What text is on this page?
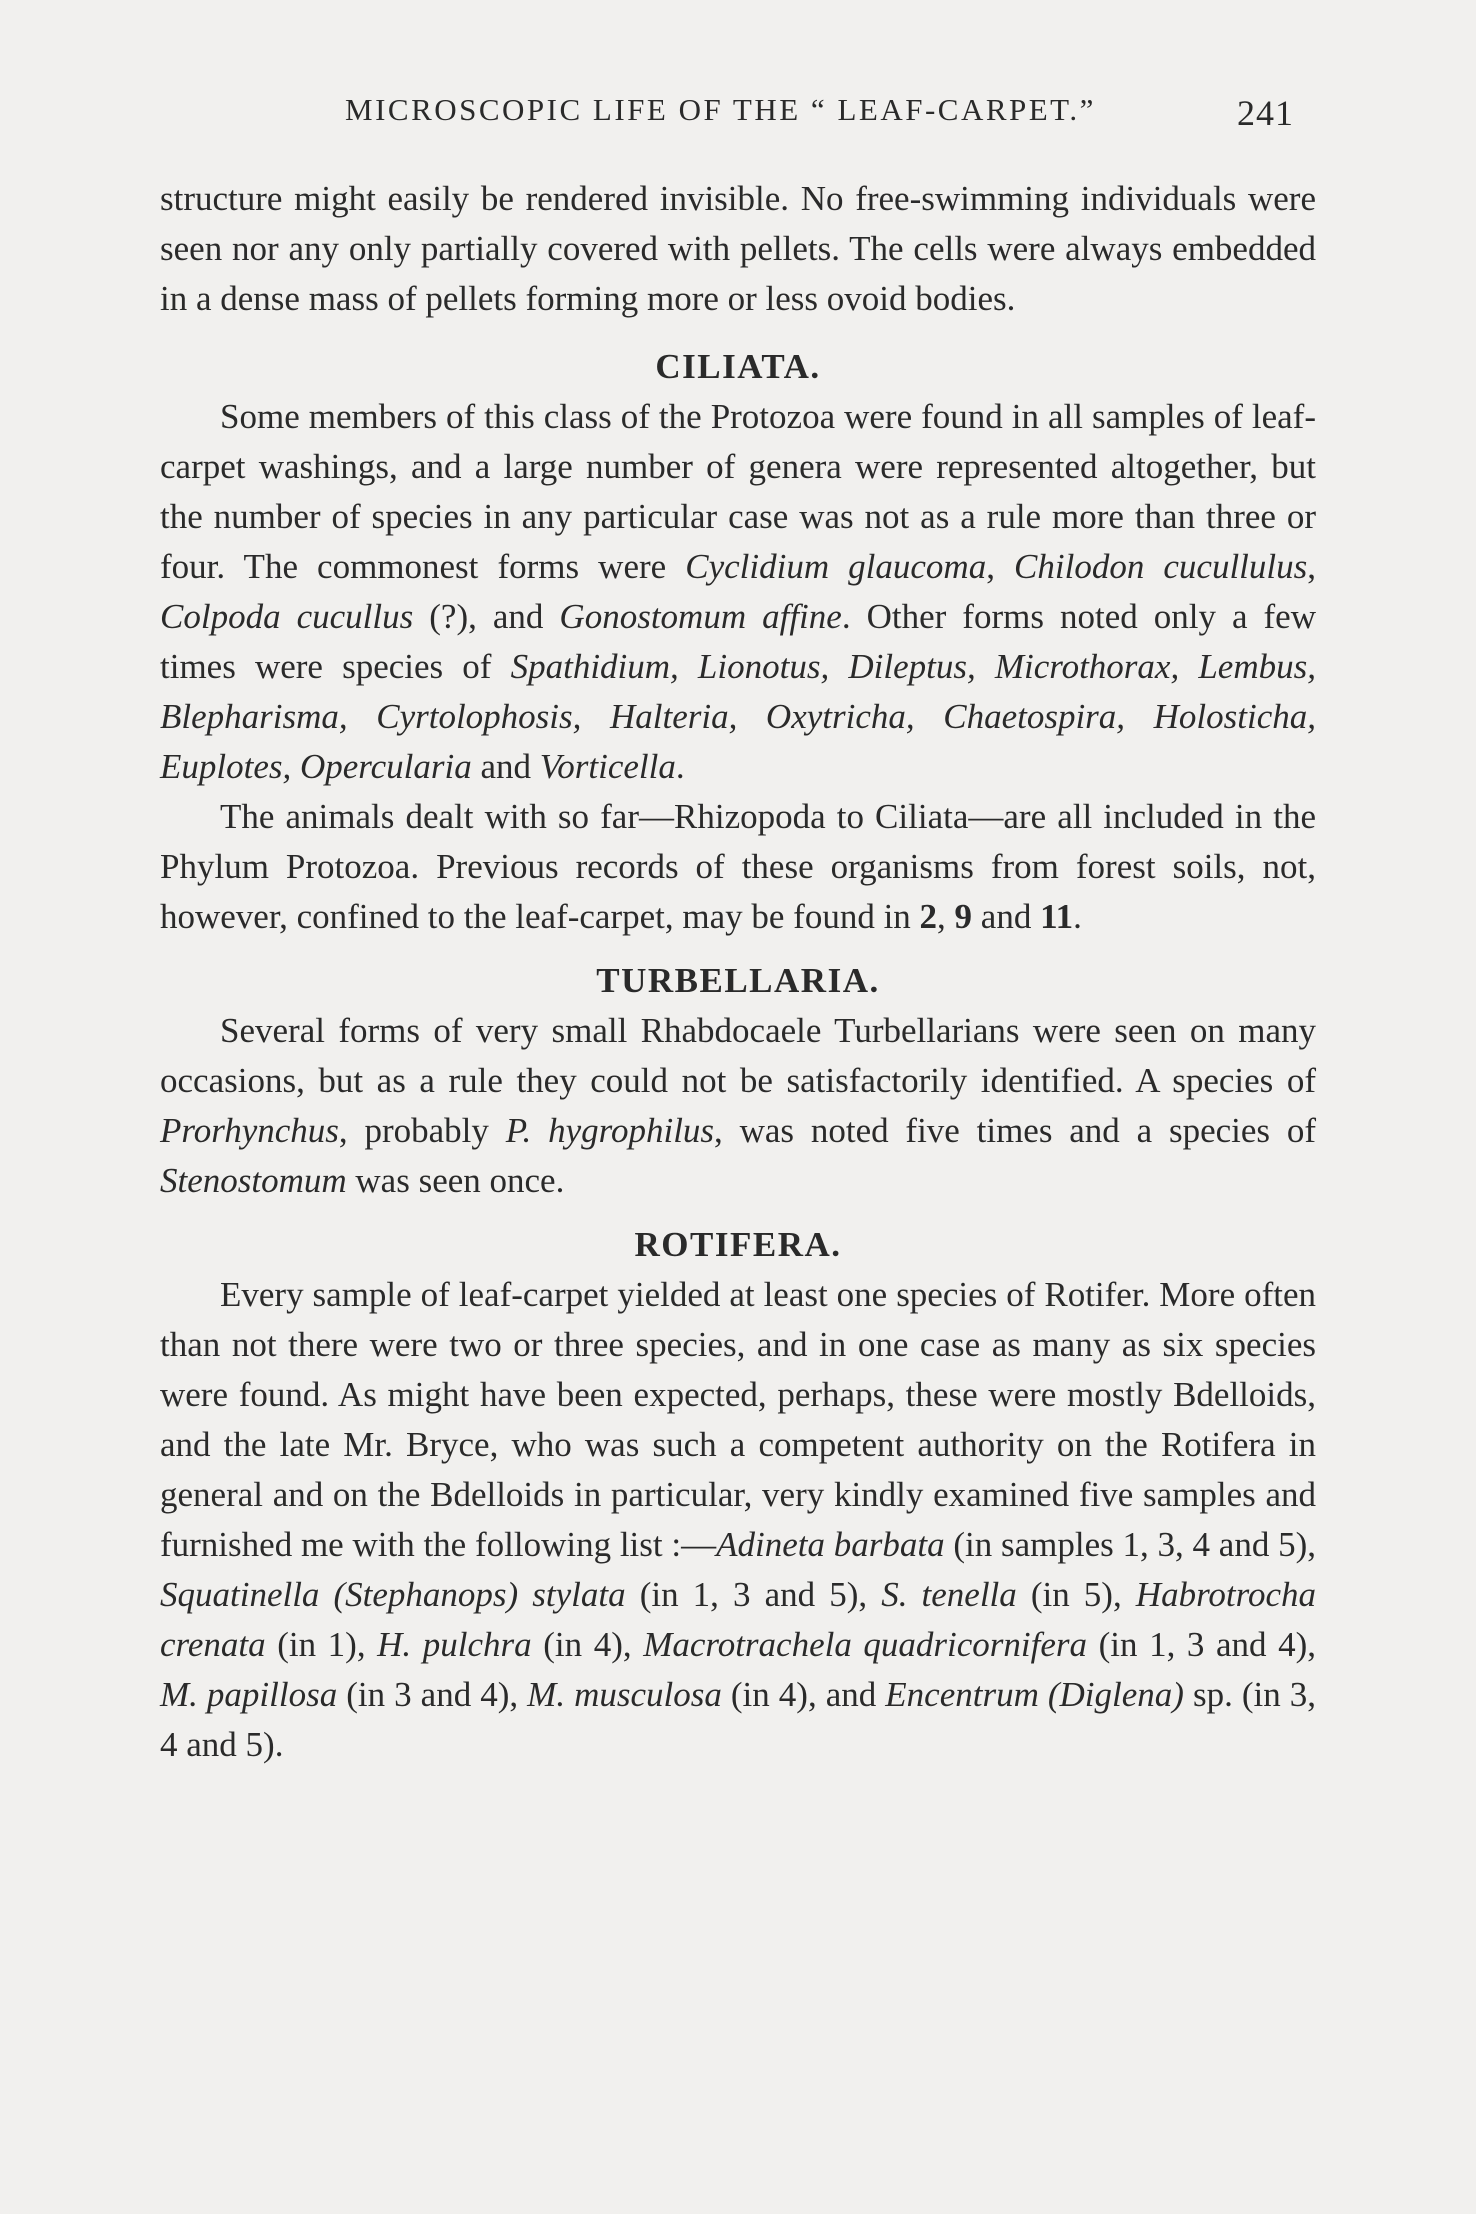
MICROSCOPIC LIFE OF THE “ LEAF-CARPET.”	241

structure might easily be rendered invisible. No free-swimming individuals were seen nor any only partially covered with pellets. The cells were always embedded in a dense mass of pellets forming more or less ovoid bodies.

CILIATA.

Some members of this class of the Protozoa were found in all samples of leaf-carpet washings, and a large number of genera were represented altogether, but the number of species in any particular case was not as a rule more than three or four. The commonest forms were Cyclidium glaucoma, Chilodon cucullulus, Colpoda cucullus (?), and Gonostomum affine. Other forms noted only a few times were species of Spathidium, Lionotus, Dileptus, Microthorax, Lembus, Blepharisma, Cyrtolophosis, Halteria, Oxytricha, Chaetospira, Holosticha, Euplotes, Opercularia and Vorticella.

The animals dealt with so far—Rhizopoda to Ciliata—are all included in the Phylum Protozoa. Previous records of these organisms from forest soils, not, however, confined to the leaf-carpet, may be found in 2, 9 and 11.

TURBELLARIA.

Several forms of very small Rhabdocaele Turbellarians were seen on many occasions, but as a rule they could not be satisfactorily identified. A species of Prorhynchus, probably P. hygrophilus, was noted five times and a species of Stenostomum was seen once.

ROTIFERA.

Every sample of leaf-carpet yielded at least one species of Rotifer. More often than not there were two or three species, and in one case as many as six species were found. As might have been expected, perhaps, these were mostly Bdelloids, and the late Mr. Bryce, who was such a competent authority on the Rotifera in general and on the Bdelloids in particular, very kindly examined five samples and furnished me with the following list :—Adineta barbata (in samples 1, 3, 4 and 5), Squatinella (Stephanops) stylata (in 1, 3 and 5), S. tenella (in 5), Habrotrocha crenata (in 1), H. pulchra (in 4), Macrotrachela quadricornifera (in 1, 3 and 4), M. papillosa (in 3 and 4), M. musculosa (in 4), and Encentrum (Diglena) sp. (in 3, 4 and 5).
